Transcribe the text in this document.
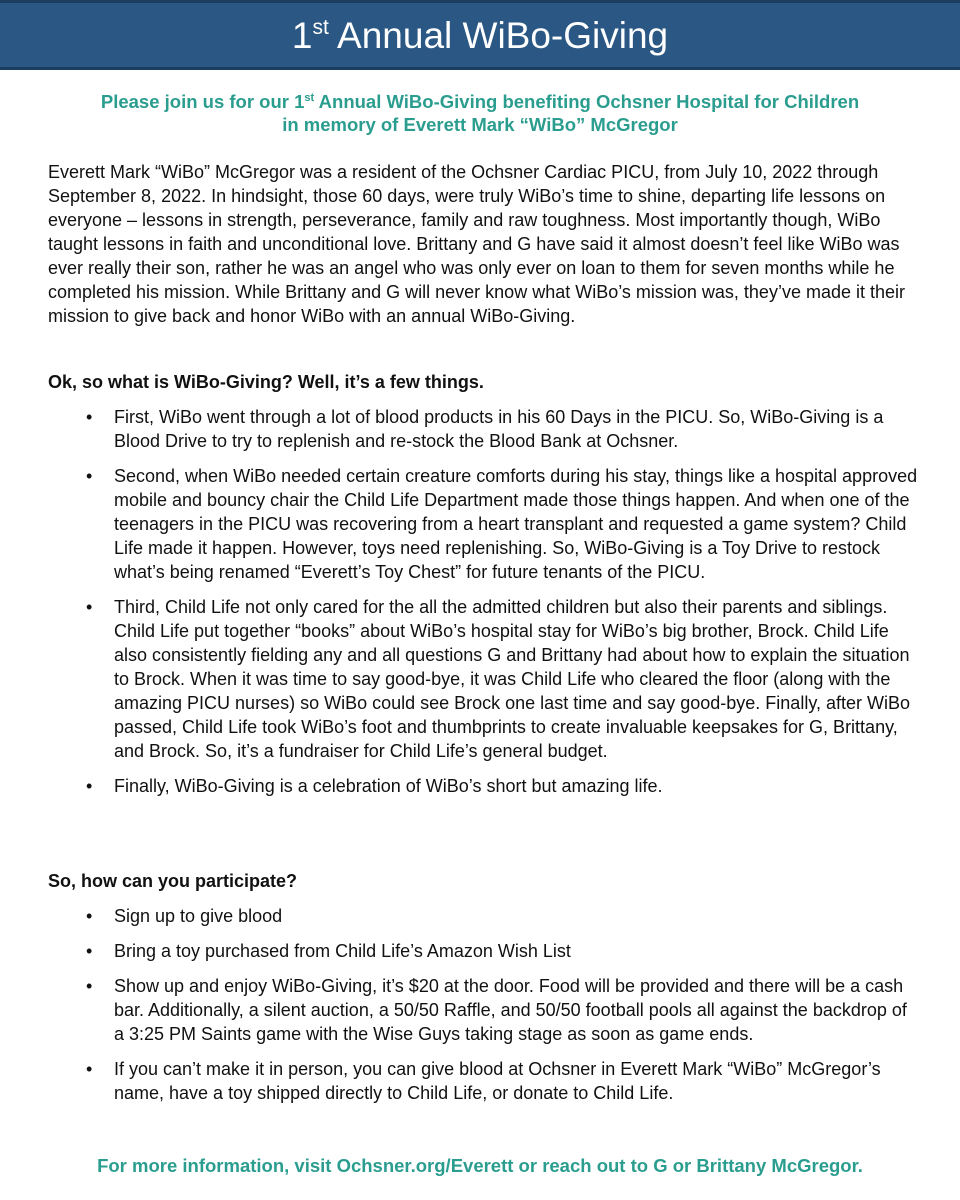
1st Annual WiBo-Giving
Please join us for our 1st Annual WiBo-Giving benefiting Ochsner Hospital for Children
in memory of Everett Mark “WiBo” McGregor

Everett Mark “WiBo” McGregor was a resident of the Ochsner Cardiac PICU, from July 10, 2022 through September 8, 2022. In hindsight, those 60 days, were truly WiBo’s time to shine, departing life lessons on everyone – lessons in strength, perseverance, family and raw toughness. Most importantly though, WiBo taught lessons in faith and unconditional love. Brittany and G have said it almost doesn’t feel like WiBo was ever really their son, rather he was an angel who was only ever on loan to them for seven months while he completed his mission. While Brittany and G will never know what WiBo’s mission was, they’ve made it their mission to give back and honor WiBo with an annual WiBo-Giving.

Ok, so what is WiBo-Giving? Well, it’s a few things.

• First, WiBo went through a lot of blood products in his 60 Days in the PICU. So, WiBo-Giving is a Blood Drive to try to replenish and re-stock the Blood Bank at Ochsner.
• Second, when WiBo needed certain creature comforts during his stay, things like a hospital approved mobile and bouncy chair the Child Life Department made those things happen. And when one of the teenagers in the PICU was recovering from a heart transplant and requested a game system? Child Life made it happen. However, toys need replenishing. So, WiBo-Giving is a Toy Drive to restock what’s being renamed “Everett’s Toy Chest” for future tenants of the PICU.
• Third, Child Life not only cared for the all the admitted children but also their parents and siblings. Child Life put together “books” about WiBo’s hospital stay for WiBo’s big brother, Brock. Child Life also consistently fielding any and all questions G and Brittany had about how to explain the situation to Brock. When it was time to say good-bye, it was Child Life who cleared the floor (along with the amazing PICU nurses) so WiBo could see Brock one last time and say good-bye. Finally, after WiBo passed, Child Life took WiBo’s foot and thumbprints to create invaluable keepsakes for G, Brittany, and Brock. So, it’s a fundraiser for Child Life’s general budget.
• Finally, WiBo-Giving is a celebration of WiBo’s short but amazing life.

So, how can you participate?

• Sign up to give blood
• Bring a toy purchased from Child Life’s Amazon Wish List
• Show up and enjoy WiBo-Giving, it’s $20 at the door. Food will be provided and there will be a cash bar. Additionally, a silent auction, a 50/50 Raffle, and 50/50 football pools all against the backdrop of a 3:25 PM Saints game with the Wise Guys taking stage as soon as game ends.
• If you can’t make it in person, you can give blood at Ochsner in Everett Mark “WiBo” McGregor’s name, have a toy shipped directly to Child Life, or donate to Child Life.
For more information, visit Ochsner.org/Everett or reach out to G or Brittany McGregor.
